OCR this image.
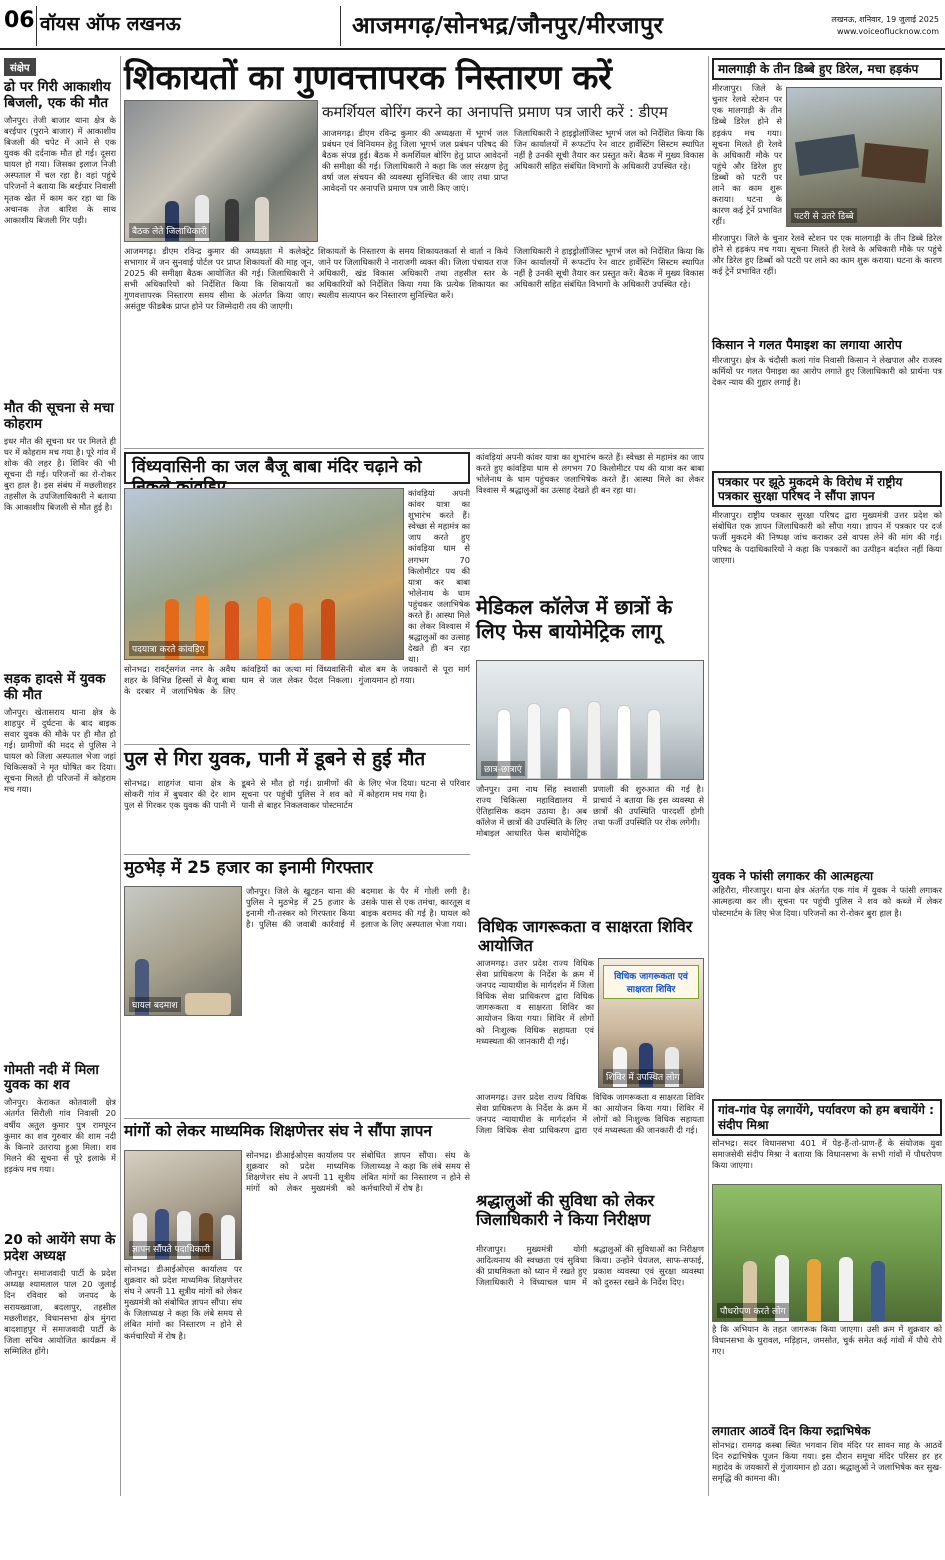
06 वॉयस ऑफ लखनऊ	आजमगढ़/सोनभद्र/जौनपुर/मीरजापुर	लखनऊ, शनिवार, 19 जुलाई 2025
www.voiceoflucknow.com
संक्षेप
ढो पर गिरी आकाशीय बिजली, एक की मौत
जौनपुर। तेजी बाजार थाना क्षेत्र के बरईपार (पुराने बाजार) में आकाशीय बिजली की चपेट में आने से एक युवक की दर्दनाक मौत हो गई। दूसरा घायल हो गया। जिसका इलाज निजी अस्पताल में चल रहा है। वहां पहुंचे परिजनों ने बताया कि बरईपार निवासी मृतक खेत में काम कर रहा था कि अचानक तेज बारिश के साथ आकाशीय बिजली गिर पड़ी।
मौत की सूचना से मचा कोहराम
इधर मौत की सूचना घर पर मिलते ही घर में कोहराम मच गया है। पूरे गांव में शोक की लहर है। शिविर की भी सूचना दी गई। परिजनों का रो-रोकर बुरा हाल है। इस संबंध में मछलीशहर तहसील के उपजिलाधिकारी ने बताया कि आकाशीय बिजली से मौत हुई है।
सड़क हादसे में युवक की मौत
जौनपुर। खेतासराय थाना क्षेत्र के शाहपुर में दुर्घटना के बाद बाइक सवार युवक की मौके पर ही मौत हो गई। ग्रामीणों की मदद से पुलिस ने घायल को जिला अस्पताल भेजा जहां चिकित्सकों ने मृत घोषित कर दिया। सूचना मिलते ही परिजनों में कोहराम मच गया।
गोमती नदी में मिला युवक का शव
जौनपुर। केराकत कोतवाली क्षेत्र अंतर्गत सिरौली गांव निवासी 20 वर्षीय अतुल कुमार पुत्र रामपूरन कुमार का शव गुरुवार की शाम नदी के किनारे उतराया हुआ मिला। शव मिलने की सूचना से पूरे इलाके में हड़कंप मच गया।
20 को आयेंगे सपा के प्रदेश अध्यक्ष
जौनपुर। समाजवादी पार्टी के प्रदेश अध्यक्ष श्यामलाल पाल 20 जुलाई दिन रविवार को जनपद के सरायख्वाजा, बदलापुर, तहसील मछलीशहर, विधानसभा क्षेत्र मुंगरा बादशाहपुर में समाजवादी पार्टी के जिला सचिव आयोजित कार्यक्रम में सम्मिलित होंगे।
शिकायतों का गुणवत्तापरक निस्तारण करें
बैठक लेते जिलाधिकारी
कमर्शियल बोरिंग करने का अनापत्ति प्रमाण पत्र जारी करें : डीएम
आजमगढ़। डीएम रविन्द्र कुमार की अध्यक्षता में भूगर्भ जल प्रबंधन एवं विनियमन हेतु जिला भूगर्भ जल प्रबंधन परिषद की बैठक संपन्न हुई। बैठक में कमर्शियल बोरिंग हेतु प्राप्त आवेदनों की समीक्षा की गई। जिलाधिकारी ने कहा कि जल संरक्षण हेतु वर्षा जल संचयन की व्यवस्था सुनिश्चित की जाए तथा प्राप्त आवेदनों पर अनापत्ति प्रमाण पत्र जारी किए जाएं।
जिलाधिकारी ने हाइड्रोलॉजिस्ट भूगर्भ जल को निर्देशित किया कि जिन कार्यालयों में रूफटॉप रेन वाटर हार्वेस्टिंग सिस्टम स्थापित नहीं है उनकी सूची तैयार कर प्रस्तुत करें। बैठक में मुख्य विकास अधिकारी सहित संबंधित विभागों के अधिकारी उपस्थित रहे।
आजमगढ़। डीएम रविन्द्र कुमार की अध्यक्षता में कलेक्ट्रेट सभागार में जन सुनवाई पोर्टल पर प्राप्त शिकायतों की माह जून, 2025 की समीक्षा बैठक आयोजित की गई। जिलाधिकारी ने सभी अधिकारियों को निर्देशित किया कि शिकायतों का गुणवत्तापरक निस्तारण समय सीमा के अंतर्गत किया जाए। असंतुष्ट फीडबैक प्राप्त होने पर जिम्मेदारी तय की जाएगी।
शिकायतों के निस्तारण के समय शिकायतकर्ता से वार्ता न किये जाने पर जिलाधिकारी ने नाराजगी व्यक्त की। जिला पंचायत राज अधिकारी, खंड विकास अधिकारी तथा तहसील स्तर के अधिकारियों को निर्देशित किया गया कि प्रत्येक शिकायत का स्थलीय सत्यापन कर निस्तारण सुनिश्चित करें।
जिलाधिकारी ने हाइड्रोलॉजिस्ट भूगर्भ जल को निर्देशित किया कि जिन कार्यालयों में रूफटॉप रेन वाटर हार्वेस्टिंग सिस्टम स्थापित नहीं है उनकी सूची तैयार कर प्रस्तुत करें। बैठक में मुख्य विकास अधिकारी सहित संबंधित विभागों के अधिकारी उपस्थित रहे।
विंध्यवासिनी का जल बैजू बाबा मंदिर चढ़ाने को
पदयात्रा करते कांवड़िए
कांवड़ियां अपनी कांवर यात्रा का शुभारंभ करते हैं। स्वेच्छा से महामंत्र का जाप करते हुए कांवड़िया धाम से लगभग 70 किलोमीटर पथ की यात्रा कर बाबा भोलेनाथ के धाम पहुंचकर जलाभिषेक करते हैं। आस्था मिले का लेकर विश्वास में श्रद्धालुओं का उत्साह देखते ही बन रहा था।
सोनभद्र। रावर्ट्सगंज नगर के अवैध शहर के विभिन्न हिस्सों से बैजू बाबा के दरबार में जलाभिषेक के लिए कांवड़ियों का जत्था मां विंध्यवासिनी धाम से जल लेकर पैदल निकला। बोल बम के जयकारों से पूरा मार्ग गुंजायमान हो गया।
कांवड़ियां अपनी कांवर यात्रा का शुभारंभ करते हैं। स्वेच्छा से महामंत्र का जाप करते हुए कांवड़िया धाम से लगभग 70 किलोमीटर पथ की यात्रा कर बाबा भोलेनाथ के धाम पहुंचकर जलाभिषेक करते हैं। आस्था मिले का लेकर विश्वास में श्रद्धालुओं का उत्साह देखते ही बन रहा था।
मेडिकल कॉलेज में छात्रों के लिए फेस बायोमेट्रिक लागू
छात्र-छात्राएं
जौनपुर। उमा नाथ सिंह स्वशासी राज्य चिकित्सा महाविद्यालय में ऐतिहासिक कदम उठाया है। अब कॉलेज में छात्रों की उपस्थिति के लिए मोबाइल आधारित फेस बायोमेट्रिक प्रणाली की शुरुआत की गई है। प्राचार्य ने बताया कि इस व्यवस्था से छात्रों की उपस्थिति पारदर्शी होगी तथा फर्जी उपस्थिति पर रोक लगेगी।
पुल से गिरा युवक, पानी में डूबने से हुई मौत
सोनभद्र। शाहगंज थाना क्षेत्र के सोकरी गांव में बुधवार की देर शाम पुल से गिरकर एक युवक की पानी में डूबने से मौत हो गई। ग्रामीणों की सूचना पर पहुंची पुलिस ने शव को पानी से बाहर निकलवाकर पोस्टमार्टम के लिए भेज दिया। घटना से परिवार में कोहराम मच गया है।
मुठभेड़ में 25 हजार का इनामी गिरफ्तार
घायल बदमाश
जौनपुर। जिले के खुटहन थाना की पुलिस ने मुठभेड़ में 25 हजार के इनामी गौ-तस्कर को गिरफ्तार किया है। पुलिस की जवाबी कार्रवाई में बदमाश के पैर में गोली लगी है। उसके पास से एक तमंचा, कारतूस व बाइक बरामद की गई है। घायल को इलाज के लिए अस्पताल भेजा गया। विधिक जागरूकता व साक्षरता शिविर आयोजित
आजमगढ़। उत्तर प्रदेश राज्य विधिक सेवा प्राधिकरण के निर्देश के क्रम में जनपद न्यायाधीश के मार्गदर्शन में जिला विधिक सेवा प्राधिकरण द्वारा विधिक जागरूकता व साक्षरता शिविर का आयोजन किया गया। शिविर में लोगों को निःशुल्क विधिक सहायता एवं मध्यस्थता की जानकारी दी गई।
विधिक जागरूकता एवं साक्षरता शिविर
शिविर में उपस्थित लोग
आजमगढ़। उत्तर प्रदेश राज्य विधिक सेवा प्राधिकरण के निर्देश के क्रम में जनपद न्यायाधीश के मार्गदर्शन में जिला विधिक सेवा प्राधिकरण द्वारा विधिक जागरूकता व साक्षरता शिविर का आयोजन किया गया। शिविर में लोगों को निःशुल्क विधिक सहायता एवं मध्यस्थता की जानकारी दी गई।
मांगों को लेकर माध्यमिक शिक्षणेत्तर संघ ने सौंपा ज्ञापन
ज्ञापन सौंपते पदाधिकारी
सोनभद्र। डीआईओएस कार्यालय पर शुक्रवार को प्रदेश माध्यमिक शिक्षणेत्तर संघ ने अपनी 11 सूत्रीय मांगों को लेकर मुख्यमंत्री को संबोधित ज्ञापन सौंपा। संघ के जिलाध्यक्ष ने कहा कि लंबे समय से लंबित मांगों का निस्तारण न होने से कर्मचारियों में रोष है।
सोनभद्र। डीआईओएस कार्यालय पर शुक्रवार को प्रदेश माध्यमिक शिक्षणेत्तर संघ ने अपनी 11 सूत्रीय मांगों को लेकर मुख्यमंत्री को संबोधित ज्ञापन सौंपा। संघ के जिलाध्यक्ष ने कहा कि लंबे समय से लंबित मांगों का निस्तारण न होने से कर्मचारियों में रोष है।
श्रद्धालुओं की सुविधा को लेकर जिलाधिकारी ने किया निरीक्षण
मीरजापुर। मुख्यमंत्री योगी आदित्यनाथ की स्वच्छता एवं सुविधा की प्राथमिकता को ध्यान में रखते हुए जिलाधिकारी ने विंध्याचल धाम में श्रद्धालुओं की सुविधाओं का निरीक्षण किया। उन्होंने पेयजल, साफ-सफाई, प्रकाश व्यवस्था एवं सुरक्षा व्यवस्था को दुरुस्त रखने के निर्देश दिए।
मालगाड़ी के तीन डिब्बे हुए डिरेल, मचा हड़कंप
मीरजापुर। जिले के चुनार रेलवे स्टेशन पर एक मालगाड़ी के तीन डिब्बे डिरेल होने से हड़कंप मच गया। सूचना मिलते ही रेलवे के अधिकारी मौके पर पहुंचे और डिरेल हुए डिब्बों को पटरी पर लाने का काम शुरू कराया। घटना के कारण कई ट्रेनें प्रभावित रहीं।	पटरी से उतरे डिब्बे
मीरजापुर। जिले के चुनार रेलवे स्टेशन पर एक मालगाड़ी के तीन डिब्बे डिरेल होने से हड़कंप मच गया। सूचना मिलते ही रेलवे के अधिकारी मौके पर पहुंचे और डिरेल हुए डिब्बों को पटरी पर लाने का काम शुरू कराया। घटना के कारण कई ट्रेनें प्रभावित रहीं।
किसान ने गलत पैमाइश का लगाया आरोप
मीरजापुर। क्षेत्र के चंदौसी कलां गांव निवासी किसान ने लेखपाल और राजस्व कर्मियों पर गलत पैमाइश का आरोप लगाते हुए जिलाधिकारी को प्रार्थना पत्र देकर न्याय की गुहार लगाई है।
पत्रकार पर झूठे मुकदमे के विरोध में राष्ट्रीय पत्रकार सुरक्षा परिषद ने सौंपा ज्ञापन
मीरजापुर। राष्ट्रीय पत्रकार सुरक्षा परिषद द्वारा मुख्यमंत्री उत्तर प्रदेश को संबोधित एक ज्ञापन जिलाधिकारी को सौंपा गया। ज्ञापन में पत्रकार पर दर्ज फर्जी मुकदमे की निष्पक्ष जांच कराकर उसे वापस लेने की मांग की गई। परिषद के पदाधिकारियों ने कहा कि पत्रकारों का उत्पीड़न बर्दाश्त नहीं किया जाएगा।
युवक ने फांसी लगाकर की आत्महत्या
अहिरौरा, मीरजापुर। थाना क्षेत्र अंतर्गत एक गांव में युवक ने फांसी लगाकर आत्महत्या कर ली। सूचना पर पहुंची पुलिस ने शव को कब्जे में लेकर पोस्टमार्टम के लिए भेज दिया। परिजनों का रो-रोकर बुरा हाल है।
गांव-गांव पेड़ लगायेंगे, पर्यावरण को हम बचायेंगे : संदीप मिश्रा
सोनभद्र। सदर विधानसभा 401 में पेड़-हैं-तो-प्राण-हैं के संयोजक युवा समाजसेवी संदीप मिश्रा ने बताया कि विधानसभा के सभी गांवों में पौधरोपण किया जाएगा।
पौधरोपण करते लोग
है कि अभियान के तहत जागरूक किया जाएगा। उसी क्रम में शुक्रवार को विधानसभा के घुरावल, मड़िहान, जमसोत, चुर्क समेत कई गांवों में पौधे रोपे गए।
लगातार आठवें दिन किया रुद्राभिषेक
सोनभद्र। रामगढ़ कस्बा स्थित भगवान शिव मंदिर पर सावन माह के आठवें दिन रुद्राभिषेक पूजन किया गया। इस दौरान समूचा मंदिर परिसर हर हर महादेव के जयकारों से गुंजायमान हो उठा। श्रद्धालुओं ने जलाभिषेक कर सुख-समृद्धि की कामना की।
